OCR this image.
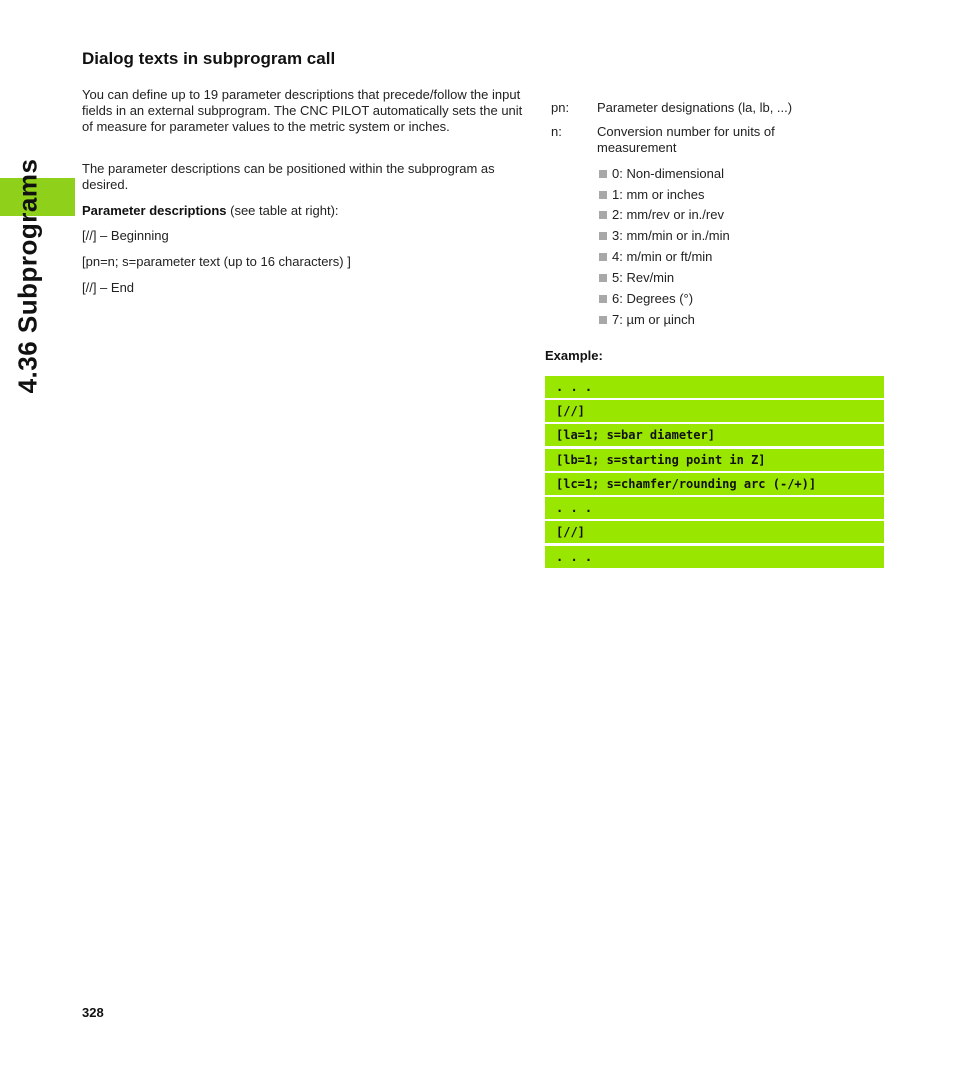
4.36 Subprograms
Dialog texts in subprogram call

You can define up to 19 parameter descriptions that precede/follow the input fields in an external subprogram. The CNC PILOT automatically sets the unit of measure for parameter values to the metric system or inches.

The parameter descriptions can be positioned within the subprogram as desired.

Parameter descriptions (see table at right):

[//] – Beginning

[pn=n; s=parameter text (up to 16 characters) ]

[//] – End

pn: Parameter designations (la, lb, ...)
n:	Conversion number for units of measurement
0: Non-dimensional
1: mm or inches
2: mm/rev or in./rev
3: mm/min or in./min
4: m/min or ft/min
5: Rev/min
6: Degrees (°)
7: µm or µinch
Example:
. . .
[//]
[la=1; s=bar diameter]
[lb=1; s=starting point in Z]
[lc=1; s=chamfer/rounding arc (-/+)]
. . .
[//]
. . .
328
